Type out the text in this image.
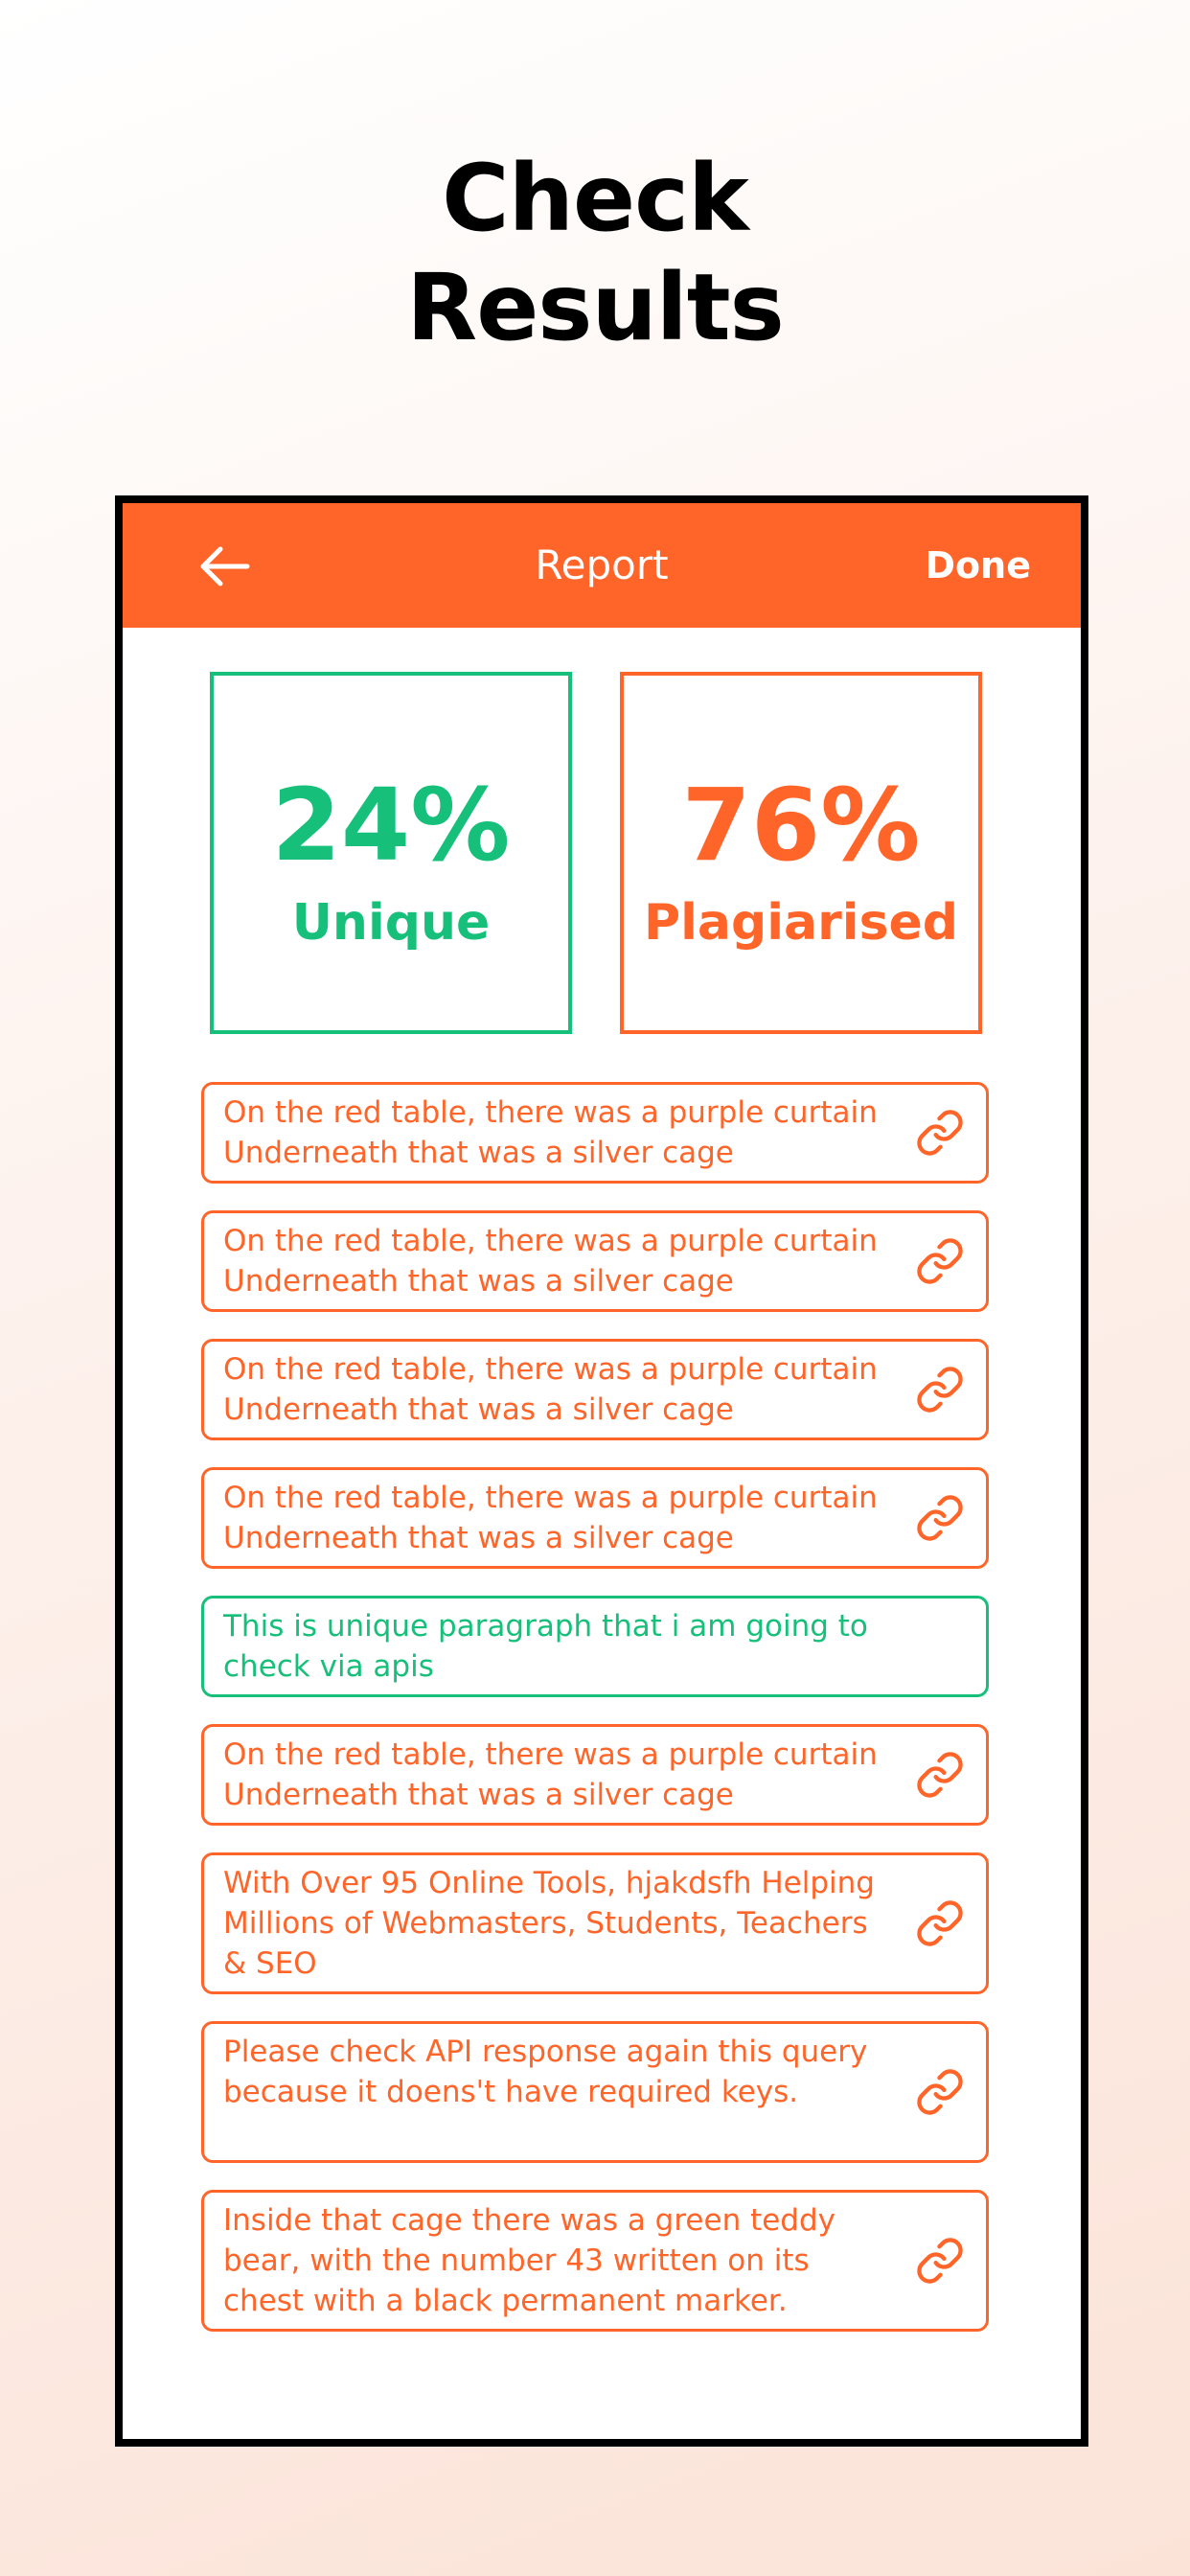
Check
Results
Report	Done
24%
Unique
76%
Plagiarised
On the red table, there was a purple curtain Underneath that was a silver cage
On the red table, there was a purple curtain Underneath that was a silver cage
On the red table, there was a purple curtain Underneath that was a silver cage
On the red table, there was a purple curtain Underneath that was a silver cage
This is unique paragraph that i am going to check via apis
On the red table, there was a purple curtain Underneath that was a silver cage
With Over 95 Online Tools, hjakdsfh Helping Millions of Webmasters, Students, Teachers & SEO
Please check API response again this query because it doens't have required keys.
Inside that cage there was a green teddy bear, with the number 43 written on its chest with a black permanent marker.
